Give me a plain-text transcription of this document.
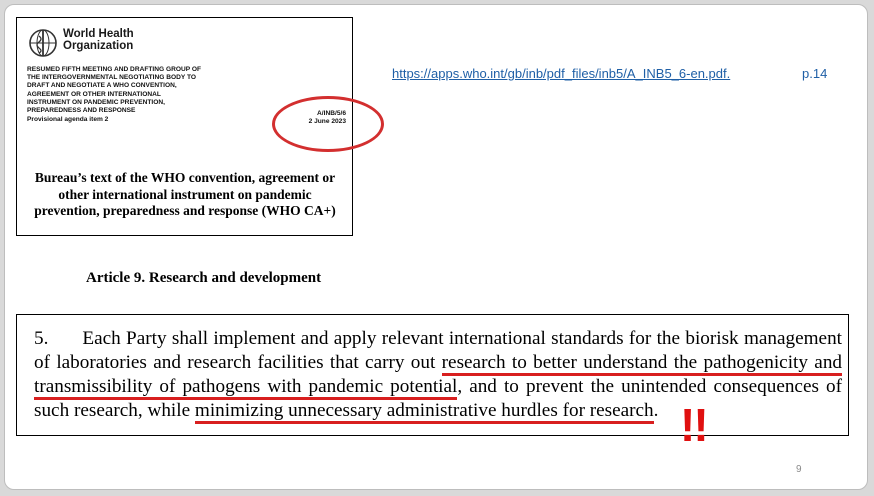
World Health
Organization
RESUMED FIFTH MEETING AND DRAFTING GROUP OF
THE INTERGOVERNMENTAL NEGOTIATING BODY TO
DRAFT AND NEGOTIATE A WHO CONVENTION,
AGREEMENT OR OTHER INTERNATIONAL
INSTRUMENT ON PANDEMIC PREVENTION,
PREPAREDNESS AND RESPONSE
Provisional agenda item 2
A/INB/5/6
2 June 2023
Bureau’s text of the WHO convention, agreement or other international instrument on pandemic prevention, preparedness and response (WHO CA+)
https://apps.who.int/gb/inb/pdf_files/inb5/A_INB5_6-en.pdf.	p.14
Article 9. Research and development
5. Each Party shall implement and apply relevant international standards for the biorisk management of laboratories and research facilities that carry out research to better understand the pathogenicity and transmissibility of pathogens with pandemic potential, and to prevent the unintended consequences of such research, while minimizing unnecessary administrative hurdles for research. !!
9
